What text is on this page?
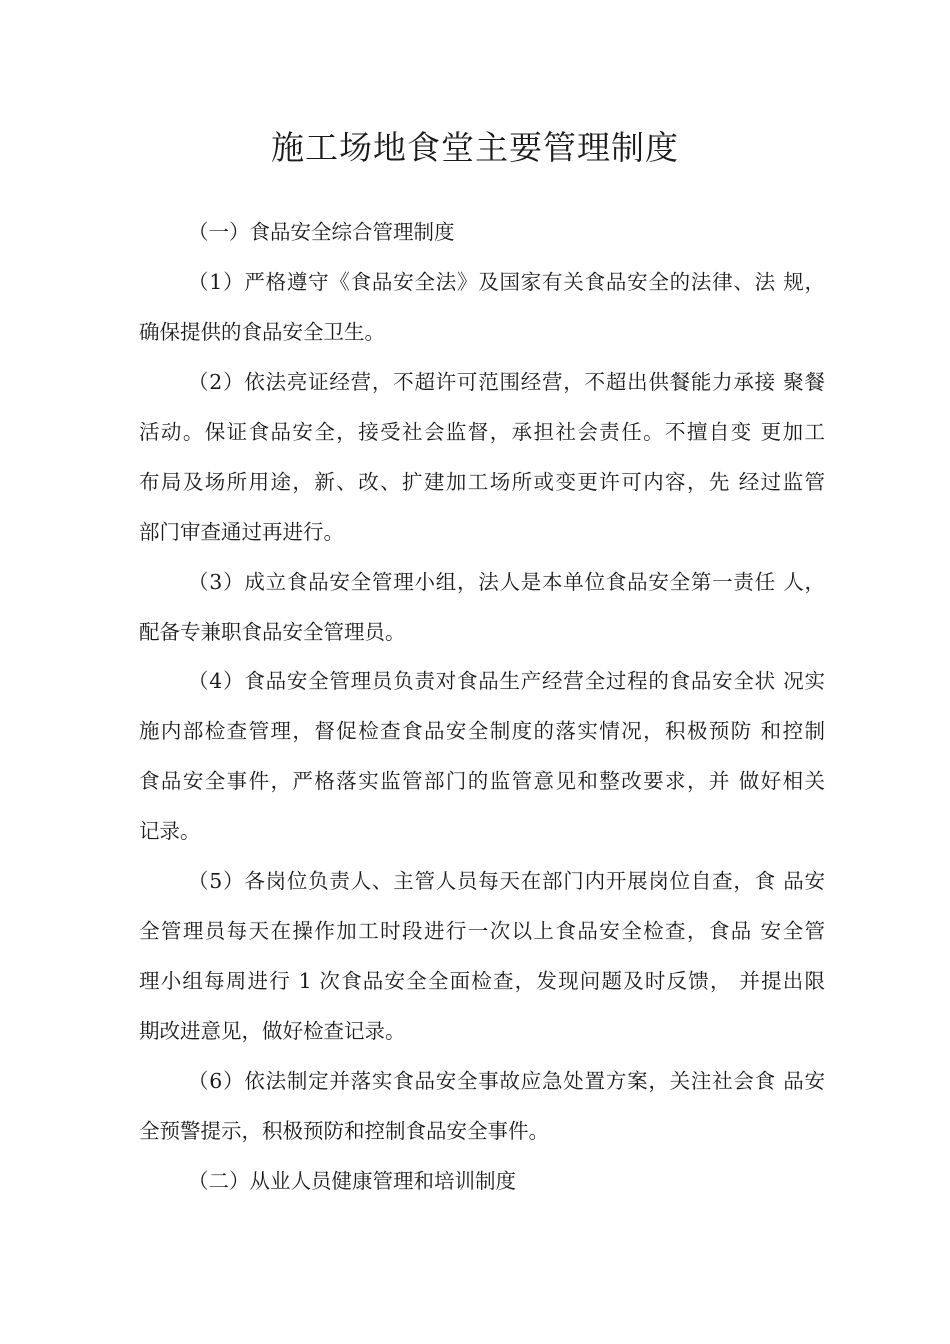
施工场地食堂主要管理制度

（一）食品安全综合管理制度

（1）严格遵守《食品安全法》及国家有关食品安全的法律、法 规，

确保提供的食品安全卫生。

（2）依法亮证经营，不超许可范围经营，不超出供餐能力承接 聚餐

活动。保证食品安全，接受社会监督，承担社会责任。不擅自变 更加工

布局及场所用途，新、改、扩建加工场所或变更许可内容，先 经过监管

部门审查通过再进行。

（3）成立食品安全管理小组，法人是本单位食品安全第一责任 人，

配备专兼职食品安全管理员。

（4）食品安全管理员负责对食品生产经营全过程的食品安全状 况实

施内部检查管理，督促检查食品安全制度的落实情况，积极预防 和控制

食品安全事件，严格落实监管部门的监管意见和整改要求，并 做好相关

记录。

（5）各岗位负责人、主管人员每天在部门内开展岗位自查，食 品安

全管理员每天在操作加工时段进行一次以上食品安全检查，食品 安全管

理小组每周进行 1 次食品安全全面检查，发现问题及时反馈， 并提出限

期改进意见，做好检查记录。

（6）依法制定并落实食品安全事故应急处置方案，关注社会食 品安

全预警提示，积极预防和控制食品安全事件。

（二）从业人员健康管理和培训制度
